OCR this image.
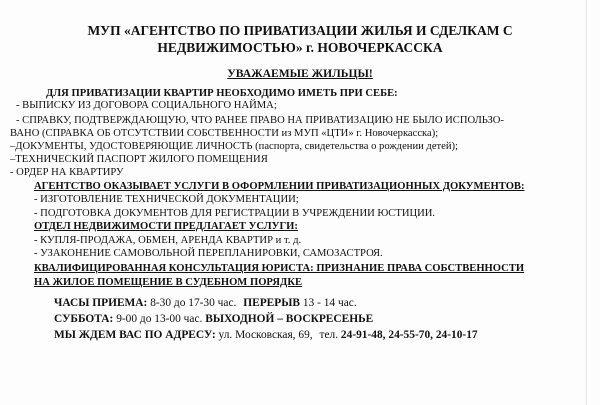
МУП «АГЕНТСТВО ПО ПРИВАТИЗАЦИИ ЖИЛЬЯ И СДЕЛКАМ С
НЕДВИЖИМОСТЬЮ» г. НОВОЧЕРКАССКА
УВАЖАЕМЫЕ ЖИЛЬЦЫ!
ДЛЯ ПРИВАТИЗАЦИИ КВАРТИР НЕОБХОДИМО ИМЕТЬ ПРИ СЕБЕ:
- ВЫПИСКУ ИЗ ДОГОВОРА СОЦИАЛЬНОГО НАЙМА;
- СПРАВКУ, ПОДТВЕРЖДАЮЩУЮ, ЧТО РАНЕЕ ПРАВО НА ПРИВАТИЗАЦИЮ НЕ БЫЛО ИСПОЛЬЗО-
ВАНО (СПРАВКА ОБ ОТСУТСТВИИ СОБСТВЕННОСТИ из МУП «ЦТИ» г. Новочеркасска);
–ДОКУМЕНТЫ, УДОСТОВЕРЯЮЩИЕ ЛИЧНОСТЬ (паспорта, свидетельства о рождении детей);
–ТЕХНИЧЕСКИЙ ПАСПОРТ ЖИЛОГО ПОМЕЩЕНИЯ
- ОРДЕР НА КВАРТИРУ
АГЕНТСТВО ОКАЗЫВАЕТ УСЛУГИ В ОФОРМЛЕНИИ ПРИВАТИЗАЦИОННЫХ ДОКУМЕНТОВ:
- ИЗГОТОВЛЕНИЕ ТЕХНИЧЕСКОЙ ДОКУМЕНТАЦИИ;
- ПОДГОТОВКА ДОКУМЕНТОВ ДЛЯ РЕГИСТРАЦИИ В УЧРЕЖДЕНИИ ЮСТИЦИИ.
ОТДЕЛ НЕДВИЖИМОСТИ ПРЕДЛАГАЕТ УСЛУГИ:
- КУПЛЯ-ПРОДАЖА, ОБМЕН, АРЕНДА КВАРТИР и т. д.
- УЗАКОНЕНИЕ САМОВОЛЬНОЙ ПЕРЕПЛАНИРОВКИ, САМОЗАСТРОЯ.
КВАЛИФИЦИРОВАННАЯ КОНСУЛЬТАЦИЯ ЮРИСТА: ПРИЗНАНИЕ ПРАВА СОБСТВЕННОСТИ
НА ЖИЛОЕ ПОМЕЩЕНИЕ В СУДЕБНОМ ПОРЯДКЕ
ЧАСЫ ПРИЕМА: 8-30 до 17-30 час. ПЕРЕРЫВ 13 - 14 час.
СУББОТА: 9-00 до 13-00 час. ВЫХОДНОЙ – ВОСКРЕСЕНЬЕ
МЫ ЖДЕМ ВАС ПО АДРЕСУ: ул. Московская, 69, тел. 24-91-48, 24-55-70, 24-10-17
